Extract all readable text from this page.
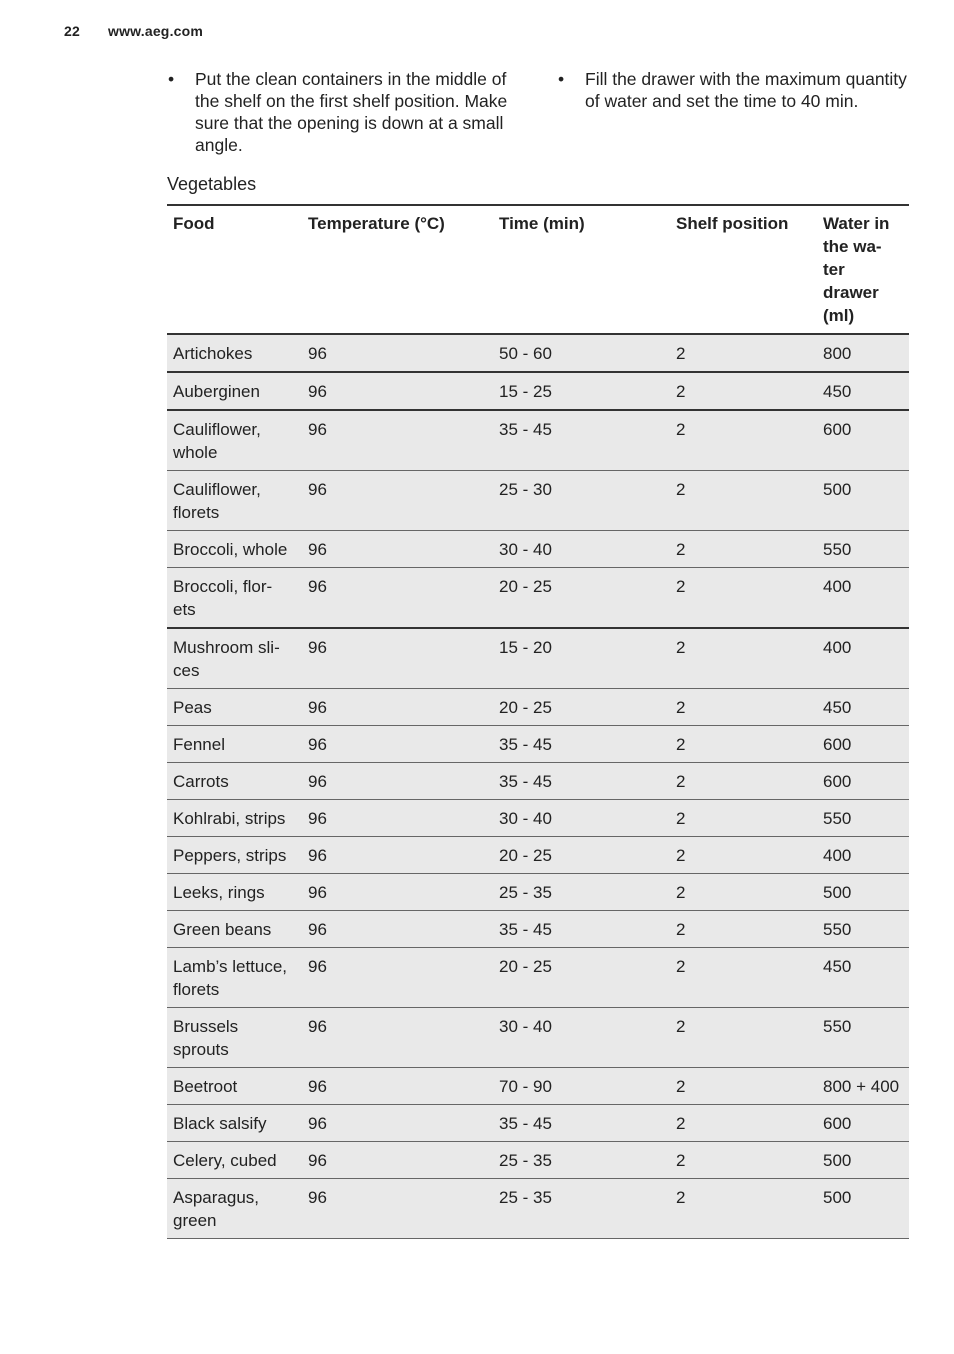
22 www.aeg.com
•	Put the clean containers in the middle of the shelf on the first shelf position. Make sure that the opening is down at a small angle.
•	Fill the drawer with the maximum quantity of water and set the time to 40 min.
Vegetables
Food	Temperature (°C)	Time (min)	Shelf position	Water in the wa- ter drawer (ml)
Artichokes	96	50 - 60	2	800
Auberginen	96	15 - 25	2	450
Cauliflower, whole	96	35 - 45	2	600
Cauliflower, florets	96	25 - 30	2	500
Broccoli, whole	96	30 - 40	2	550
Broccoli, flor- ets	96	20 - 25	2	400
Mushroom sli- ces	96	15 - 20	2	400
Peas	96	20 - 25	2	450
Fennel	96	35 - 45	2	600
Carrots	96	35 - 45	2	600
Kohlrabi, strips	96	30 - 40	2	550
Peppers, strips	96	20 - 25	2	400
Leeks, rings	96	25 - 35	2	500
Green beans	96	35 - 45	2	550
Lamb’s lettuce, florets	96	20 - 25	2	450
Brussels sprouts	96	30 - 40	2	550
Beetroot	96	70 - 90	2	800 + 400
Black salsify	96	35 - 45	2	600
Celery, cubed	96	25 - 35	2	500
Asparagus, green	96	25 - 35	2	500
